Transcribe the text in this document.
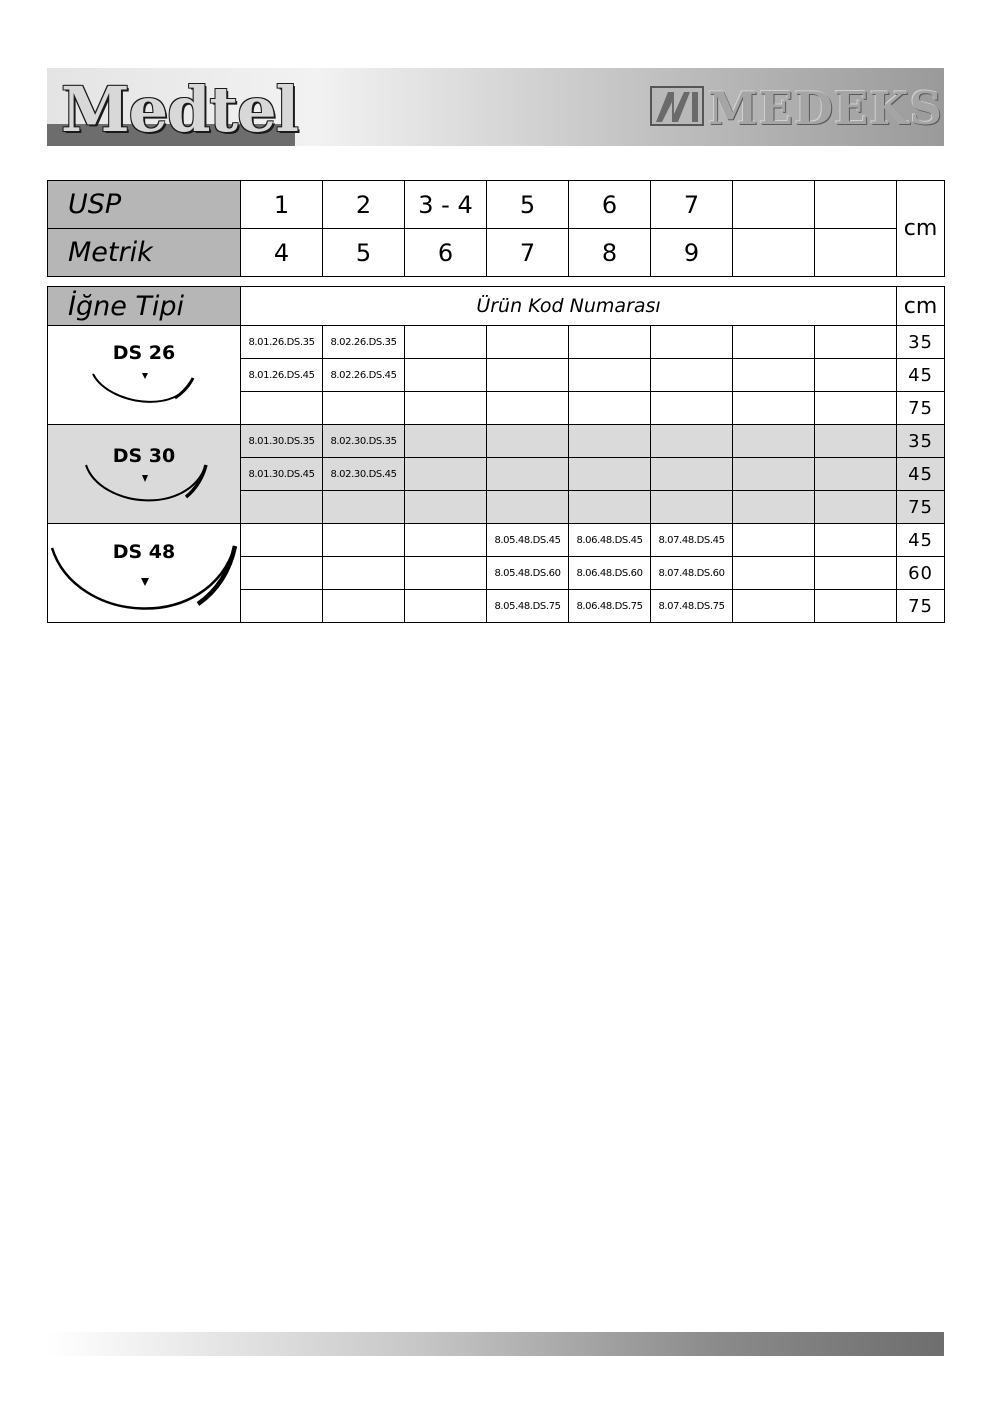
Medtel	MEDEKS
USP	1	2	3 - 4	5	6	7			cm
Metrik	4	5	6	7	8	9			
İğne Tipi	Ürün Kod Numarası								cm

DS 26	8.01.26.DS.35	8.02.26.DS.35							35
	8.01.26.DS.45	8.02.26.DS.45							45
									75

DS 30	8.01.30.DS.35	8.02.30.DS.35							35
	8.01.30.DS.45	8.02.30.DS.45							45
									75

DS 48				8.05.48.DS.45	8.06.48.DS.45	8.07.48.DS.45			45
				8.05.48.DS.60	8.06.48.DS.60	8.07.48.DS.60			60
				8.05.48.DS.75	8.06.48.DS.75	8.07.48.DS.75			75
